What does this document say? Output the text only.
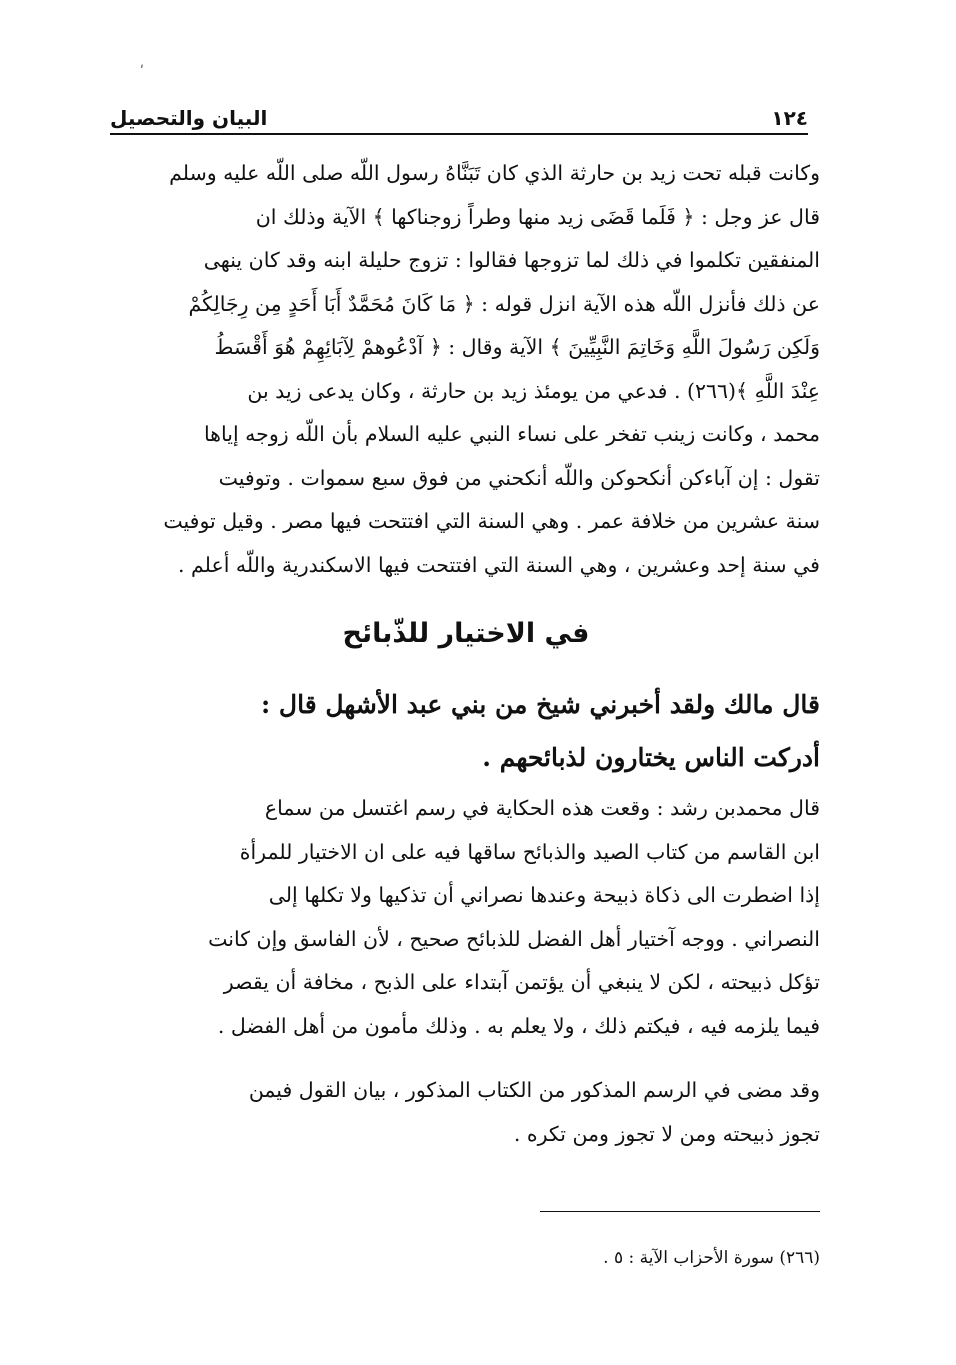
ʹ
البيان والتحصيل	١٢٤
وكانت قبله تحت زيد بن حارثة الذي كان تَبَنَّاهُ رسول اللّه صلى اللّه عليه وسلم
قال عز وجل : ﴿ فَلَما قَضَى زيد منها وطراً زوجناكها ﴾ الآية وذلك ان
المنفقين تكلموا في ذلك لما تزوجها فقالوا : تزوج حليلة ابنه وقد كان ينهى
عن ذلك فأنزل اللّه هذه الآية انزل قوله : ﴿ مَا كَانَ مُحَمَّدٌ أَبَا أَحَدٍ مِن رِجَالِكُمْ
وَلَكِن رَسُولَ اللَّهِ وَخَاتِمَ النَّبِيِّينَ ﴾ الآية وقال : ﴿ آدْعُوهمْ لِآبَائِهِمْ هُوَ أَقْسَطُ
عِنْدَ اللَّهِ ﴾(٢٦٦) . فدعي من يومئذ زيد بن حارثة ، وكان يدعى زيد بن
محمد ، وكانت زينب تفخر على نساء النبي عليه السلام بأن اللّه زوجه إياها
تقول : إن آباءكن أنكحوكن واللّه أنكحني من فوق سبع سموات . وتوفيت
سنة عشرين من خلافة عمر . وهي السنة التي افتتحت فيها مصر . وقيل توفيت
في سنة إحد وعشرين ، وهي السنة التي افتتحت فيها الاسكندرية واللّه أعلم .
في الاختيار للذّبائح
قال مالك ولقد أخبرني شيخ من بني عبد الأشهل قال :
أدركت الناس يختارون لذبائحهم .
قال محمدبن رشد : وقعت هذه الحكاية في رسم اغتسل من سماع
ابن القاسم من كتاب الصيد والذبائح ساقها فيه على ان الاختيار للمرأة
إذا اضطرت الى ذكاة ذبيحة وعندها نصراني أن تذكيها ولا تكلها إلى
النصراني . ووجه آختيار أهل الفضل للذبائح صحيح ، لأن الفاسق وإن كانت
تؤكل ذبيحته ، لكن لا ينبغي أن يؤتمن آبتداء على الذبح ، مخافة أن يقصر
فيما يلزمه فيه ، فيكتم ذلك ، ولا يعلم به . وذلك مأمون من أهل الفضل .
وقد مضى في الرسم المذكور من الكتاب المذكور ، بيان القول فيمن
تجوز ذبيحته ومن لا تجوز ومن تكره .
(٢٦٦) سورة الأحزاب الآية : ٥ .
